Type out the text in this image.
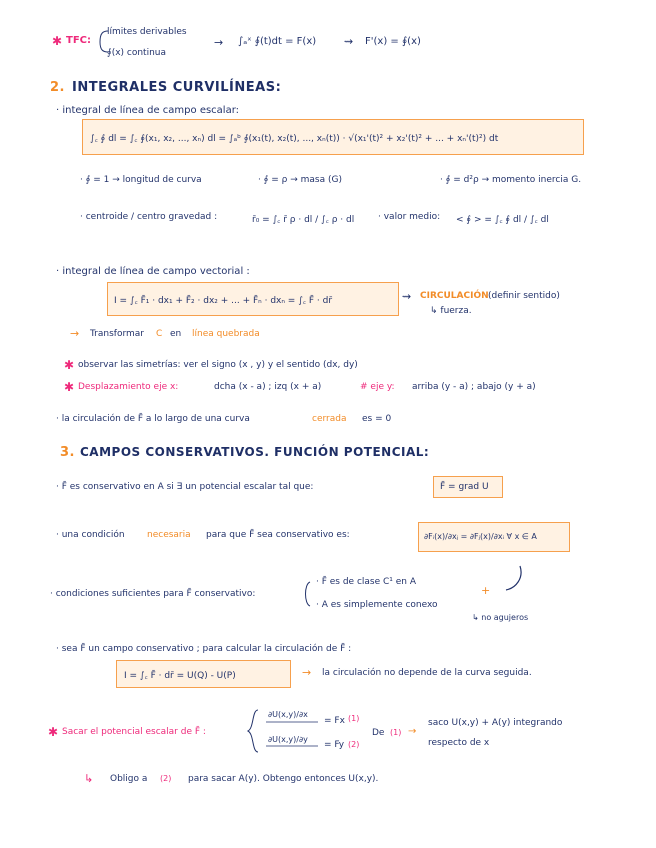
✱ TFC:
límites derivables
∮(x) continua
→ ∫ₐˣ ∮(t)dt = F(x)	⇝ F'(x) = ∮(x)
2. INTEGRALES CURVILÍNEAS:
· integral de línea de campo escalar:
∫꜀ ∮ dl = ∫꜀ ∮(x₁, x₂, ..., xₙ) dl = ∫ₐᵇ ∮(x₁(t), x₂(t), ..., xₙ(t)) · √(x₁'(t)² + x₂'(t)² + ... + xₙ'(t)²) dt
· ∮ = 1 → longitud de curva	· ∮ = ρ → masa (G)	· ∮ = d²ρ → momento inercia G.
· centroide / centro gravedad :	r̄₀ = ∫꜀ r̄ ρ · dl / ∫꜀ ρ · dl	· valor medio: < ∮ > = ∫꜀ ∮ dl / ∫꜀ dl
· integral de línea de campo vectorial :
I = ∫꜀ F̄₁ · dx₁ + F̄₂ · dx₂ + ... + F̄ₙ · dxₙ = ∫꜀ F̄ · dr̄	⇝ CIRCULACIÓN (definir sentido)
↳ fuerza.
→ Transformar C en línea quebrada
✱ observar las simetrías: ver el signo (x , y) y el sentido (dx, dy)
✱ Desplazamiento eje x:	dcha (x - a) ; izq (x + a)	# eje y: arriba (y - a) ; abajo (y + a)
· la circulación de F̄ a lo largo de una curva	cerrada es = 0
3. CAMPOS CONSERVATIVOS. FUNCIÓN POTENCIAL:
· F̄ es conservativo en A si ∃ un potencial escalar tal que:	F̄ = grad U
· una condición necesaria para que F̄ sea conservativo es:	∂Fᵢ(x)/∂xⱼ = ∂Fⱼ(x)/∂xᵢ ∀ x ∈ A
· condiciones suficientes para F̄ conservativo:
· F̄ es de clase C¹ en A
· A es simplemente conexo
↳ no agujeros
+
· sea F̄ un campo conservativo ; para calcular la circulación de F̄ :
I = ∫꜀ F̄ · dr̄ = U(Q) - U(P)	→ la circulación no depende de la curva seguida.
✱ Sacar el potencial escalar de F̄ :
∂U(x,y)/∂x
= Fx (1)
∂U(x,y)/∂y
= Fy (2)
De (1) →
saco U(x,y) + A(y) integrando
respecto de x
↳ Obligo a (2) para sacar A(y). Obtengo entonces U(x,y).
